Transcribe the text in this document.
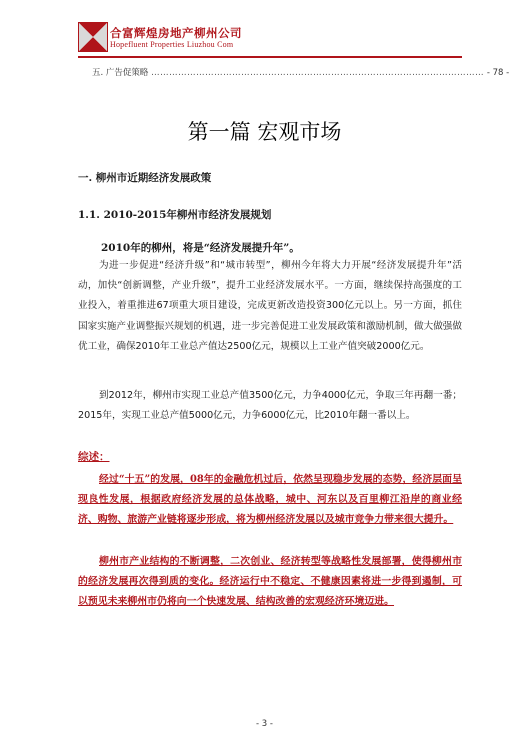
合富辉煌房地产柳州公司
Hopefluent Properties Liuzhou Com
五. 广告促策略 ………………………………………………………………………………………………… - 78 -
第一篇 宏观市场
一. 柳州市近期经济发展政策
1.1. 2010-2015年柳州市经济发展规划
2010年的柳州，将是“经济发展提升年”。
为进一步促进“经济升级”和“城市转型”，柳州今年将大力开展“经济发展提升年”活动，加快“创新调整，产业升级”，提升工业经济发展水平。一方面，继续保持高强度的工业投入，着重推进67项重大项目建设，完成更新改造投资300亿元以上。另一方面，抓住国家实施产业调整振兴规划的机遇，进一步完善促进工业发展政策和激励机制，做大做强做优工业，确保2010年工业总产值达2500亿元，规模以上工业产值突破2000亿元。
到2012年，柳州市实现工业总产值3500亿元，力争4000亿元，争取三年再翻一番；2015年，实现工业总产值5000亿元，力争6000亿元，比2010年翻一番以上。
综述：
经过“十五”的发展，08年的金融危机过后，依然呈现稳步发展的态势，经济层面呈现良性发展，根据政府经济发展的总体战略，城中、河东以及百里柳江沿岸的商业经济、购物、旅游产业链将逐步形成，将为柳州经济发展以及城市竞争力带来很大提升。
柳州市产业结构的不断调整，二次创业、经济转型等战略性发展部署，使得柳州市的经济发展再次得到质的变化。经济运行中不稳定、不健康因素将进一步得到遏制，可以预见未来柳州市仍将向一个快速发展、结构改善的宏观经济环境迈进。
- 3 -
